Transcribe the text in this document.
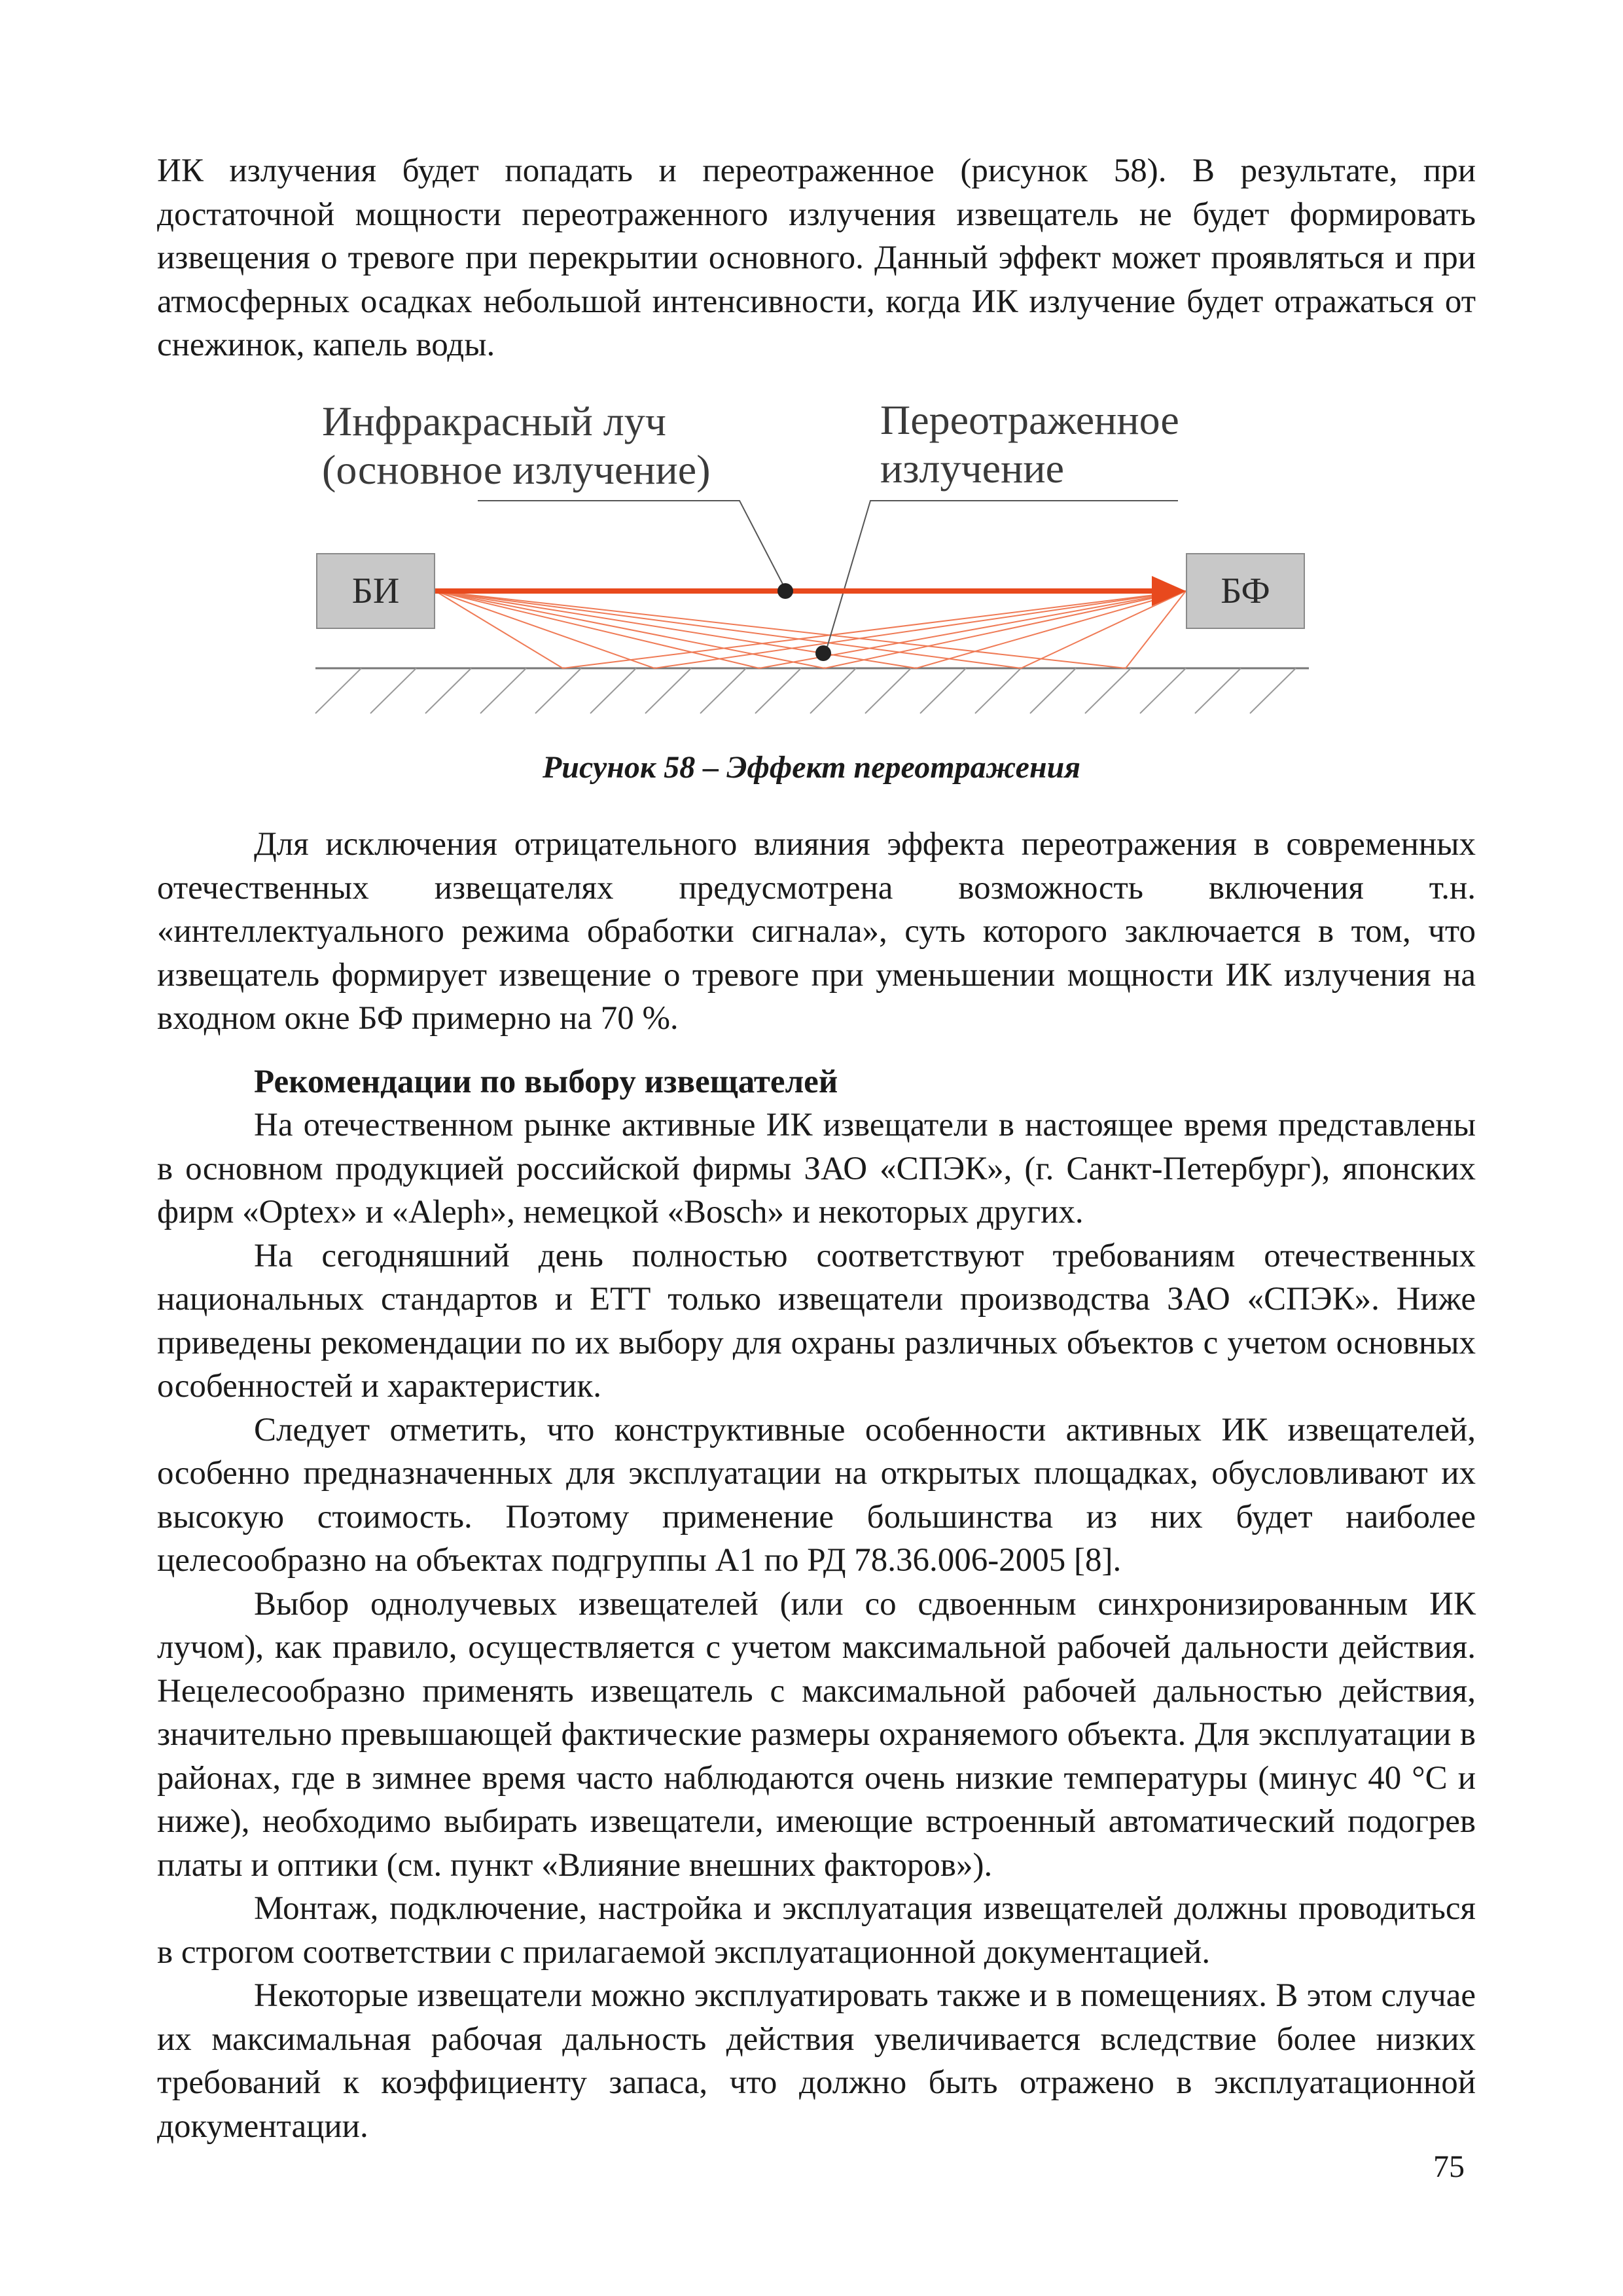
ИК излучения будет попадать и переотраженное (рисунок 58). В результате, при достаточной мощности переотраженного излучения извещатель не будет формировать извещения о тревоге при перекрытии основного. Данный эффект может проявляться и при атмосферных осадках небольшой интенсивности, когда ИК излучение будет отражаться от снежинок, капель воды.

БИ	БФ
Инфракрасный луч
(основное излучение)
Переотраженное
излучение
Рисунок 58 – Эффект переотражения

Для исключения отрицательного влияния эффекта переотражения в современных отечественных извещателях предусмотрена возможность включения т.н. «интеллектуального режима обработки сигнала», суть которого заключается в том, что извещатель формирует извещение о тревоге при уменьшении мощности ИК излучения на входном окне БФ примерно на 70 %.

Рекомендации по выбору извещателей

На отечественном рынке активные ИК извещатели в настоящее время представлены в основном продукцией российской фирмы ЗАО «СПЭК», (г. Санкт-Петербург), японских фирм «Optex» и «Aleph», немецкой «Bosch» и некоторых других.

На сегодняшний день полностью соответствуют требованиям отечественных национальных стандартов и ЕТТ только извещатели производства ЗАО «СПЭК». Ниже приведены рекомендации по их выбору для охраны различных объектов с учетом основных особенностей и характеристик.

Следует отметить, что конструктивные особенности активных ИК извещателей, особенно предназначенных для эксплуатации на открытых площадках, обусловливают их высокую стоимость. Поэтому применение большинства из них будет наиболее целесообразно на объектах подгруппы А1 по РД 78.36.006-2005 [8].

Выбор однолучевых извещателей (или со сдвоенным синхронизированным ИК лучом), как правило, осуществляется с учетом максимальной рабочей дальности действия. Нецелесообразно применять извещатель с максимальной рабочей дальностью действия, значительно превышающей фактические размеры охраняемого объекта. Для эксплуатации в районах, где в зимнее время часто наблюдаются очень низкие температуры (минус 40 °С и ниже), необходимо выбирать извещатели, имеющие встроенный автоматический подогрев платы и оптики (см. пункт «Влияние внешних факторов»).

Монтаж, подключение, настройка и эксплуатация извещателей должны проводиться в строгом соответствии с прилагаемой эксплуатационной документацией.

Некоторые извещатели можно эксплуатировать также и в помещениях. В этом случае их максимальная рабочая дальность действия увеличивается вследствие более низких требований к коэффициенту запаса, что должно быть отражено в эксплуатационной документации.

75
